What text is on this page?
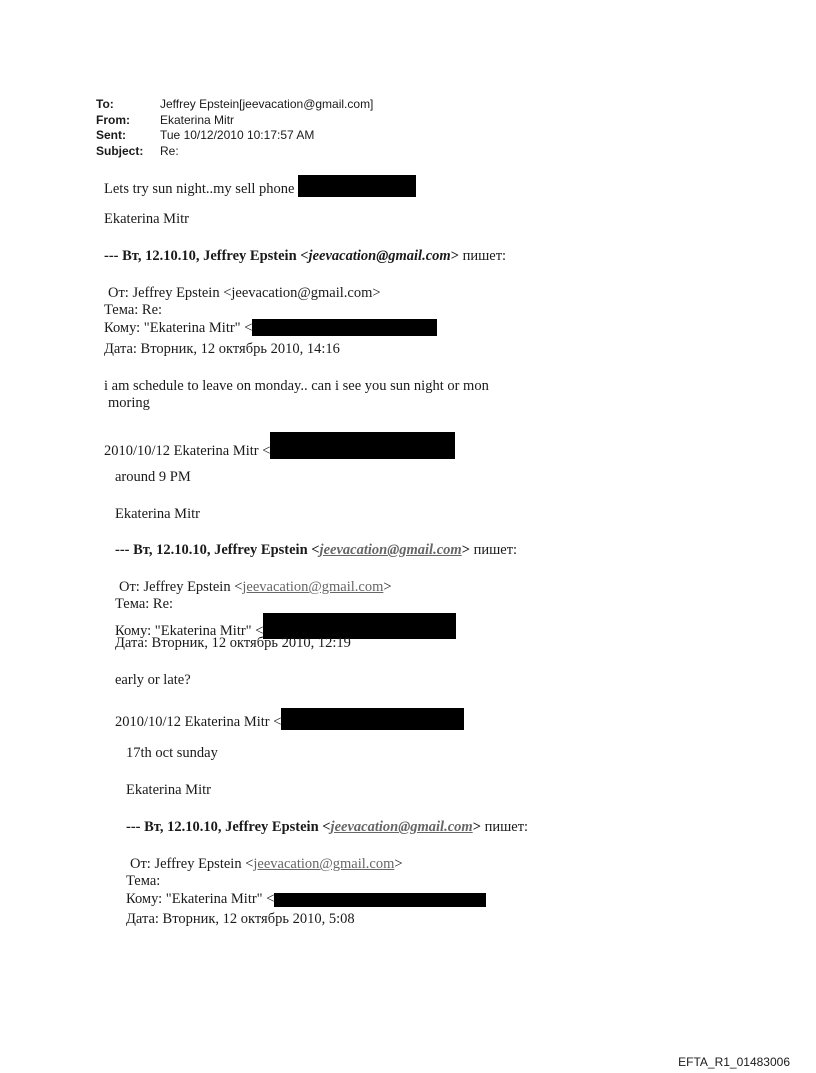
To:	Jeffrey Epstein[jeevacation@gmail.com]
From:	Ekaterina Mitr
Sent:	Tue 10/12/2010 10:17:57 AM
Subject:	Re:
Lets try sun night..my sell phone
Ekaterina Mitr
--- Вт, 12.10.10, Jeffrey Epstein <jeevacation@gmail.com> пишет:
От: Jeffrey Epstein <jeevacation@gmail.com>
Тема: Re:
Кому: "Ekaterina Mitr" <
Дата: Вторник, 12 октябрь 2010, 14:16
i am schedule to leave on monday.. can i see you sun night or mon
moring
2010/10/12 Ekaterina Mitr <
around 9 PM
Ekaterina Mitr
--- Вт, 12.10.10, Jeffrey Epstein <jeevacation@gmail.com> пишет:
От: Jeffrey Epstein <jeevacation@gmail.com>
Тема: Re:
Кому: "Ekaterina Mitr" <
Дата: Вторник, 12 октябрь 2010, 12:19
early or late?
2010/10/12 Ekaterina Mitr <
17th oct sunday
Ekaterina Mitr
--- Вт, 12.10.10, Jeffrey Epstein <jeevacation@gmail.com> пишет:
От: Jeffrey Epstein <jeevacation@gmail.com>
Тема:
Кому: "Ekaterina Mitr" <
Дата: Вторник, 12 октябрь 2010, 5:08
EFTA_R1_01483006
